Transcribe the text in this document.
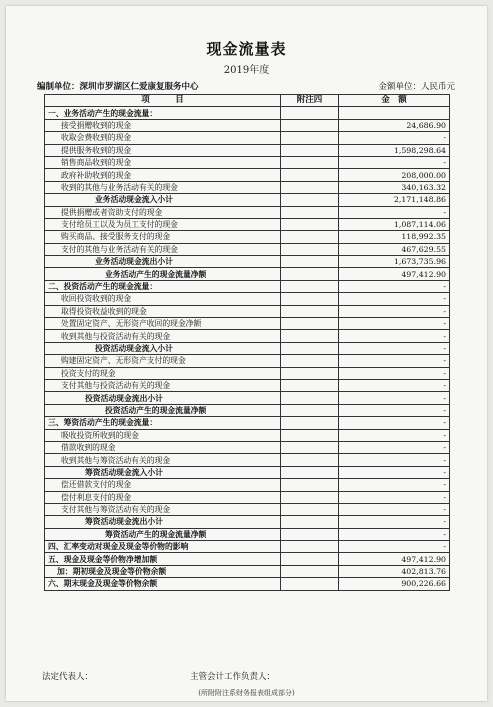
现金流量表
2019年度
编制单位：深圳市罗湖区仁爱康复服务中心	金额单位：人民币元
项　　　目	附注四	金　额
一、业务活动产生的现金流量：		
接受捐赠收到的现金		24,686.90
收取会费收到的现金		-
提供服务收到的现金		1,598,298.64
销售商品收到的现金		-
政府补助收到的现金		208,000.00
收到的其他与业务活动有关的现金		340,163.32
业务活动现金流入小计		2,171,148.86
提供捐赠或者资助支付的现金		-
支付给员工以及为员工支付的现金		1,087,114.06
购买商品、接受服务支付的现金		118,992.35
支付的其他与业务活动有关的现金		467,629.55
业务活动现金流出小计		1,673,735.96
业务活动产生的现金流量净额		497,412.90
二、投资活动产生的现金流量：		-
收回投资收到的现金		-
取得投资收益收到的现金		-
处置固定资产、无形资产收回的现金净额		-
收到其他与投资活动有关的现金		-
投资活动现金流入小计		-
购建固定资产、无形资产支付的现金		-
投资支付的现金		-
支付其他与投资活动有关的现金		-
投资活动现金流出小计		-
投资活动产生的现金流量净额		-
三、筹资活动产生的现金流量：		-
吸收投资所收到的现金		-
借款收到的现金		-
收到其他与筹资活动有关的现金		-
筹资活动现金流入小计		-
偿还借款支付的现金		-
偿付利息支付的现金		-
支付其他与筹资活动有关的现金		-
筹资活动现金流出小计		-
筹资活动产生的现金流量净额		-
四、汇率变动对现金及现金等价物的影响		-
五、现金及现金等价物净增加额		497,412.90
加：期初现金及现金等价物余额		402,813.76
六、期末现金及现金等价物余额		900,226.66
法定代表人：	主管会计工作负责人：
(所附附注系财务报表组成部分)
